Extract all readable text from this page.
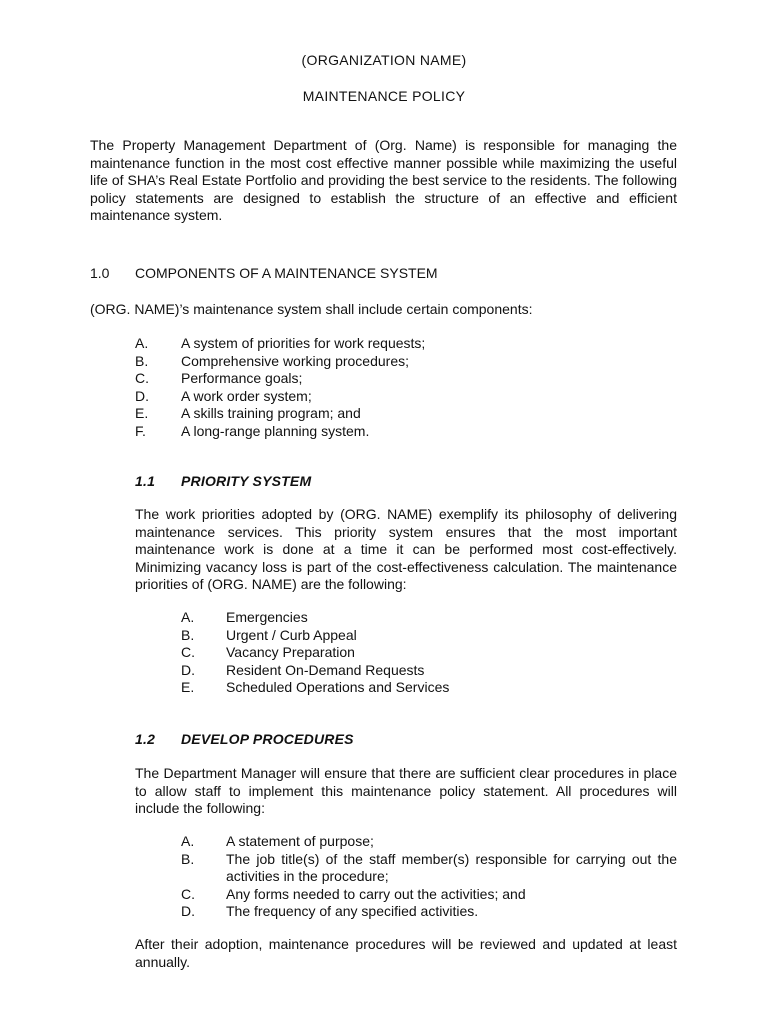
(ORGANIZATION NAME)
MAINTENANCE POLICY

The Property Management Department of (Org. Name) is responsible for managing the maintenance function in the most cost effective manner possible while maximizing the useful life of SHA’s Real Estate Portfolio and providing the best service to the residents. The following policy statements are designed to establish the structure of an effective and efficient maintenance system.

1.0 COMPONENTS OF A MAINTENANCE SYSTEM
(ORG. NAME)’s maintenance system shall include certain components:
A.	A system of priorities for work requests;
B.	Comprehensive working procedures;
C.	Performance goals;
D.	A work order system;
E.	A skills training program; and
F.	A long-range planning system.
1.1 PRIORITY SYSTEM

The work priorities adopted by (ORG. NAME) exemplify its philosophy of delivering maintenance services. This priority system ensures that the most important maintenance work is done at a time it can be performed most cost-effectively. Minimizing vacancy loss is part of the cost-effectiveness calculation. The maintenance priorities of (ORG. NAME) are the following:

A.	Emergencies
B.	Urgent / Curb Appeal
C.	Vacancy Preparation
D.	Resident On-Demand Requests
E.	Scheduled Operations and Services
1.2 DEVELOP PROCEDURES

The Department Manager will ensure that there are sufficient clear procedures in place to allow staff to implement this maintenance policy statement. All procedures will include the following:

A.	A statement of purpose;
B.	The job title(s) of the staff member(s) responsible for carrying out the activities in the procedure;
C.	Any forms needed to carry out the activities; and
D.	The frequency of any specified activities.

After their adoption, maintenance procedures will be reviewed and updated at least annually.
